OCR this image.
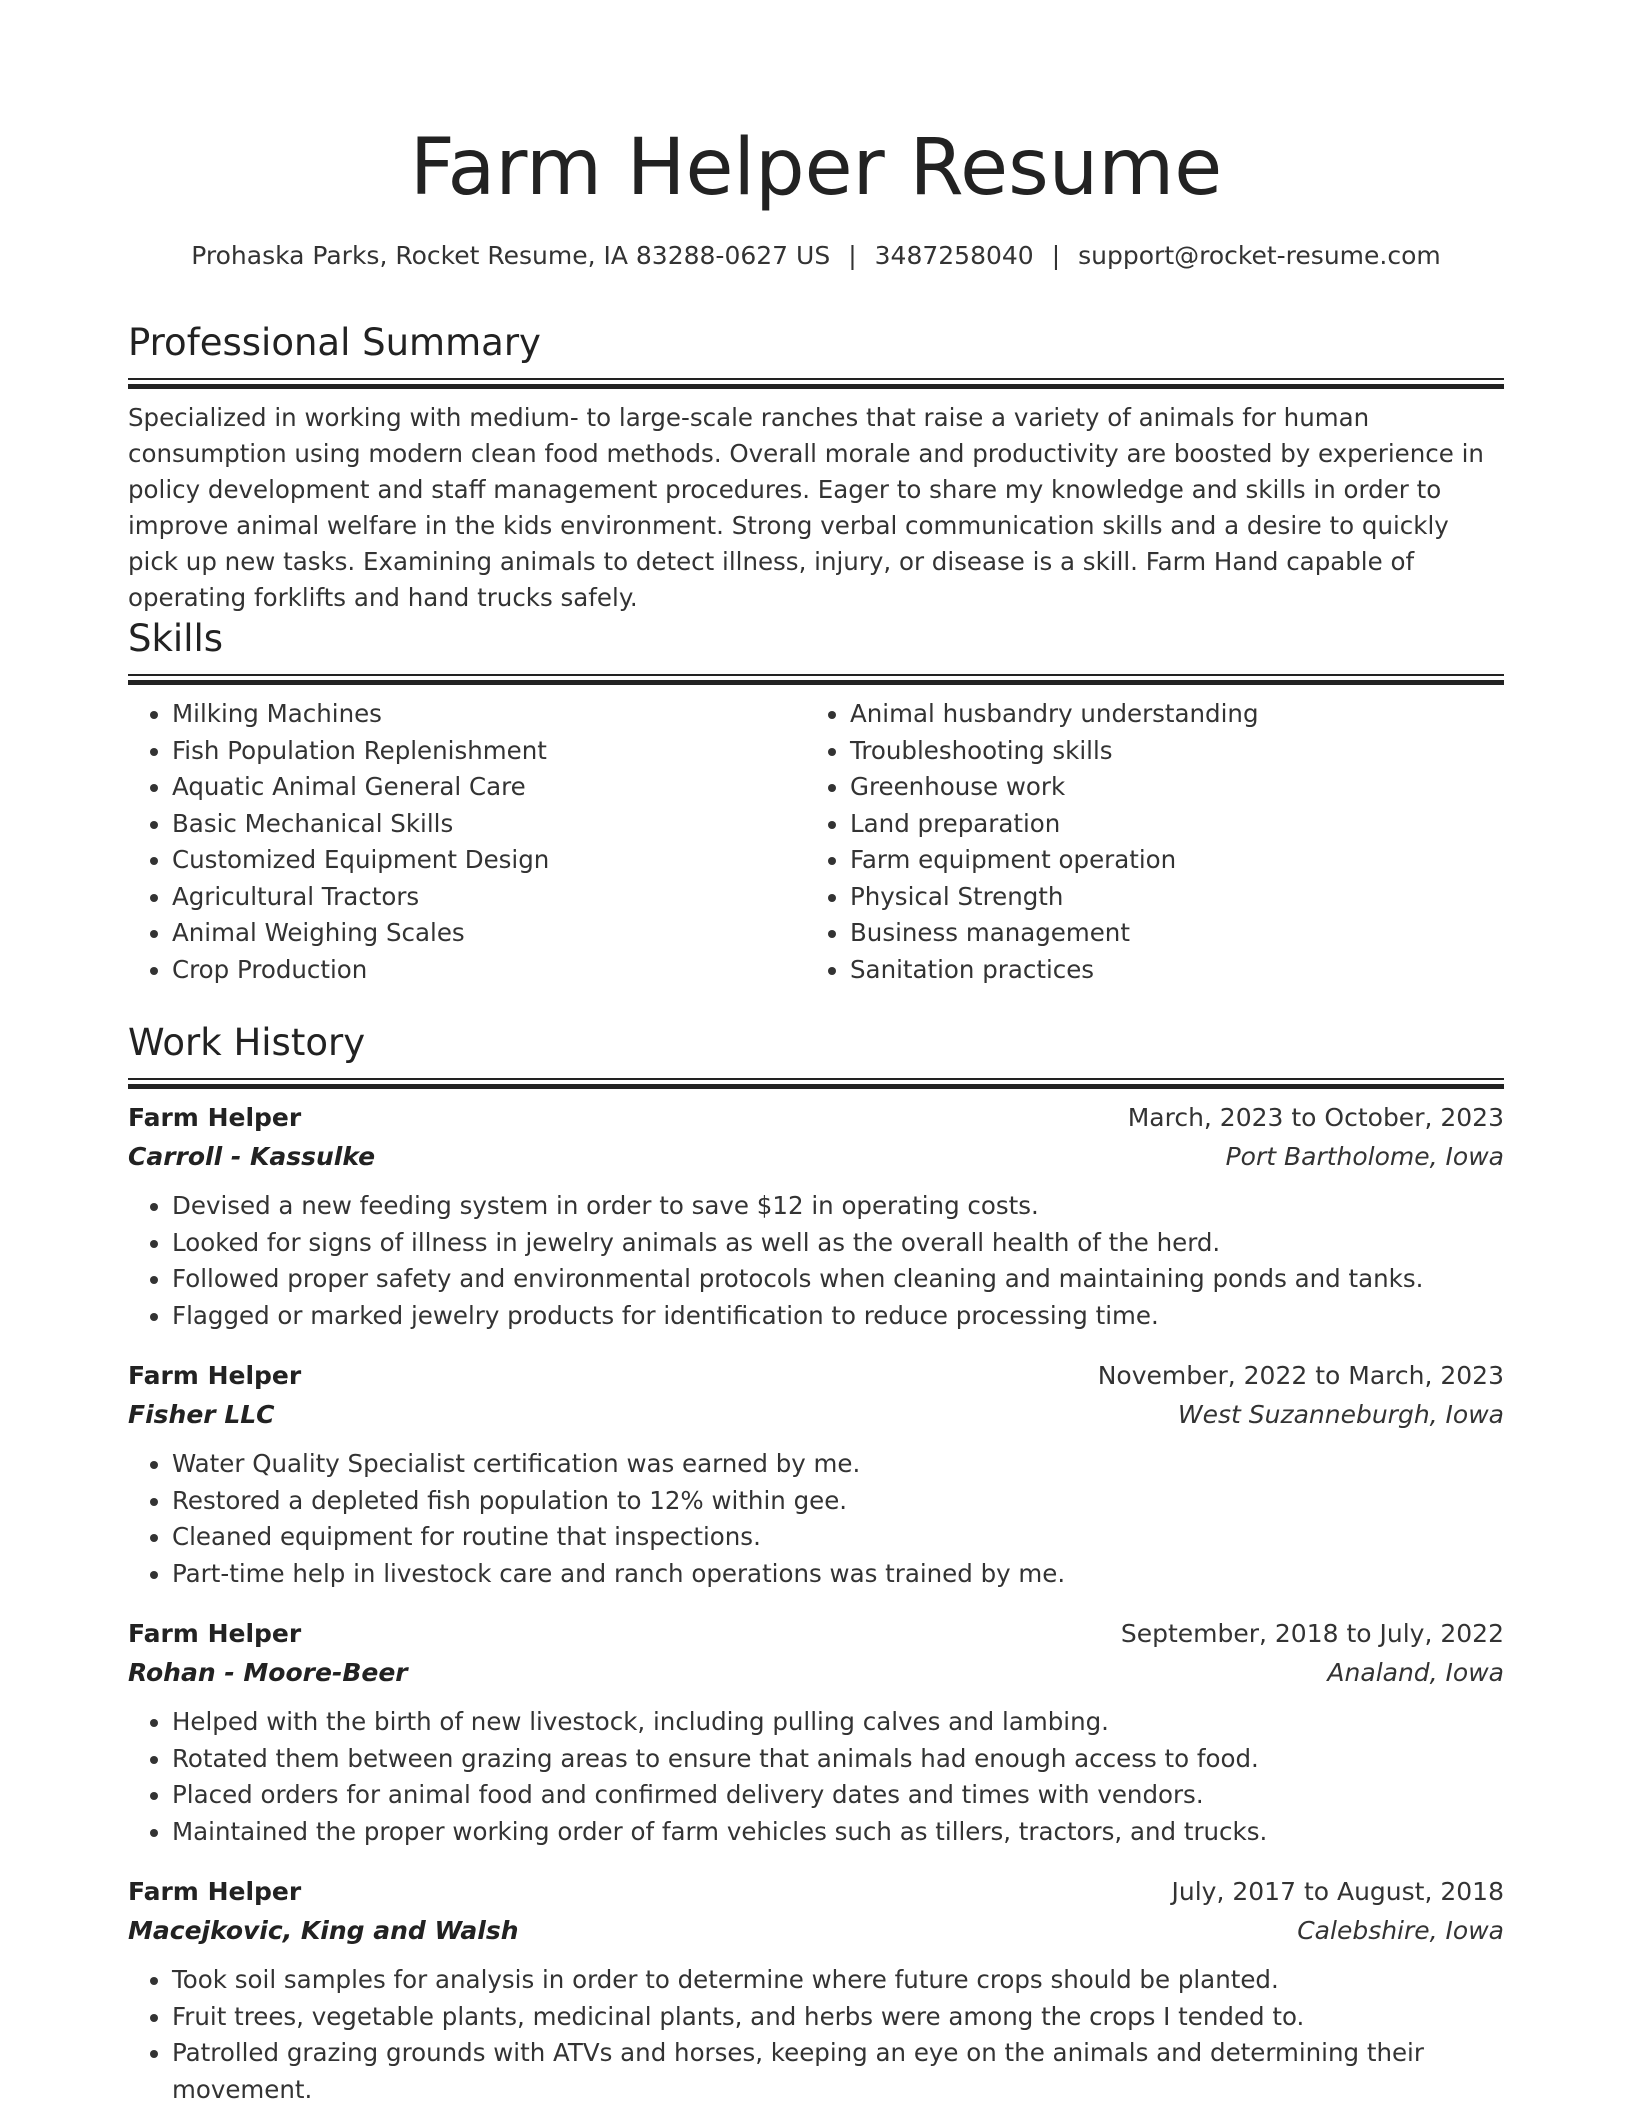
Farm Helper Resume
Prohaska Parks, Rocket Resume, IA 83288-0627 US | 3487258040 | support@rocket-resume.com
Professional Summary

Specialized in working with medium- to large-scale ranches that raise a variety of animals for human consumption using modern clean food methods. Overall morale and productivity are boosted by experience in policy development and staff management procedures. Eager to share my knowledge and skills in order to improve animal welfare in the kids environment. Strong verbal communication skills and a desire to quickly pick up new tasks. Examining animals to detect illness, injury, or disease is a skill. Farm Hand capable of operating forklifts and hand trucks safely.

Skills
• Milking Machines
• Fish Population Replenishment
• Aquatic Animal General Care
• Basic Mechanical Skills
• Customized Equipment Design
• Agricultural Tractors
• Animal Weighing Scales
• Crop Production
• Animal husbandry understanding
• Troubleshooting skills
• Greenhouse work
• Land preparation
• Farm equipment operation
• Physical Strength
• Business management
• Sanitation practices
Work History
Farm Helper	March, 2023 to October, 2023
Carroll - Kassulke	Port Bartholome, Iowa
• Devised a new feeding system in order to save $12 in operating costs.
• Looked for signs of illness in jewelry animals as well as the overall health of the herd.
• Followed proper safety and environmental protocols when cleaning and maintaining ponds and tanks.
• Flagged or marked jewelry products for identification to reduce processing time.
Farm Helper	November, 2022 to March, 2023
Fisher LLC	West Suzanneburgh, Iowa
• Water Quality Specialist certification was earned by me.
• Restored a depleted fish population to 12% within gee.
• Cleaned equipment for routine that inspections.
• Part-time help in livestock care and ranch operations was trained by me.
Farm Helper	September, 2018 to July, 2022
Rohan - Moore-Beer	Analand, Iowa
• Helped with the birth of new livestock, including pulling calves and lambing.
• Rotated them between grazing areas to ensure that animals had enough access to food.
• Placed orders for animal food and confirmed delivery dates and times with vendors.
• Maintained the proper working order of farm vehicles such as tillers, tractors, and trucks.
Farm Helper	July, 2017 to August, 2018
Macejkovic, King and Walsh	Calebshire, Iowa
• Took soil samples for analysis in order to determine where future crops should be planted.
• Fruit trees, vegetable plants, medicinal plants, and herbs were among the crops I tended to.
• Patrolled grazing grounds with ATVs and horses, keeping an eye on the animals and determining their movement.
